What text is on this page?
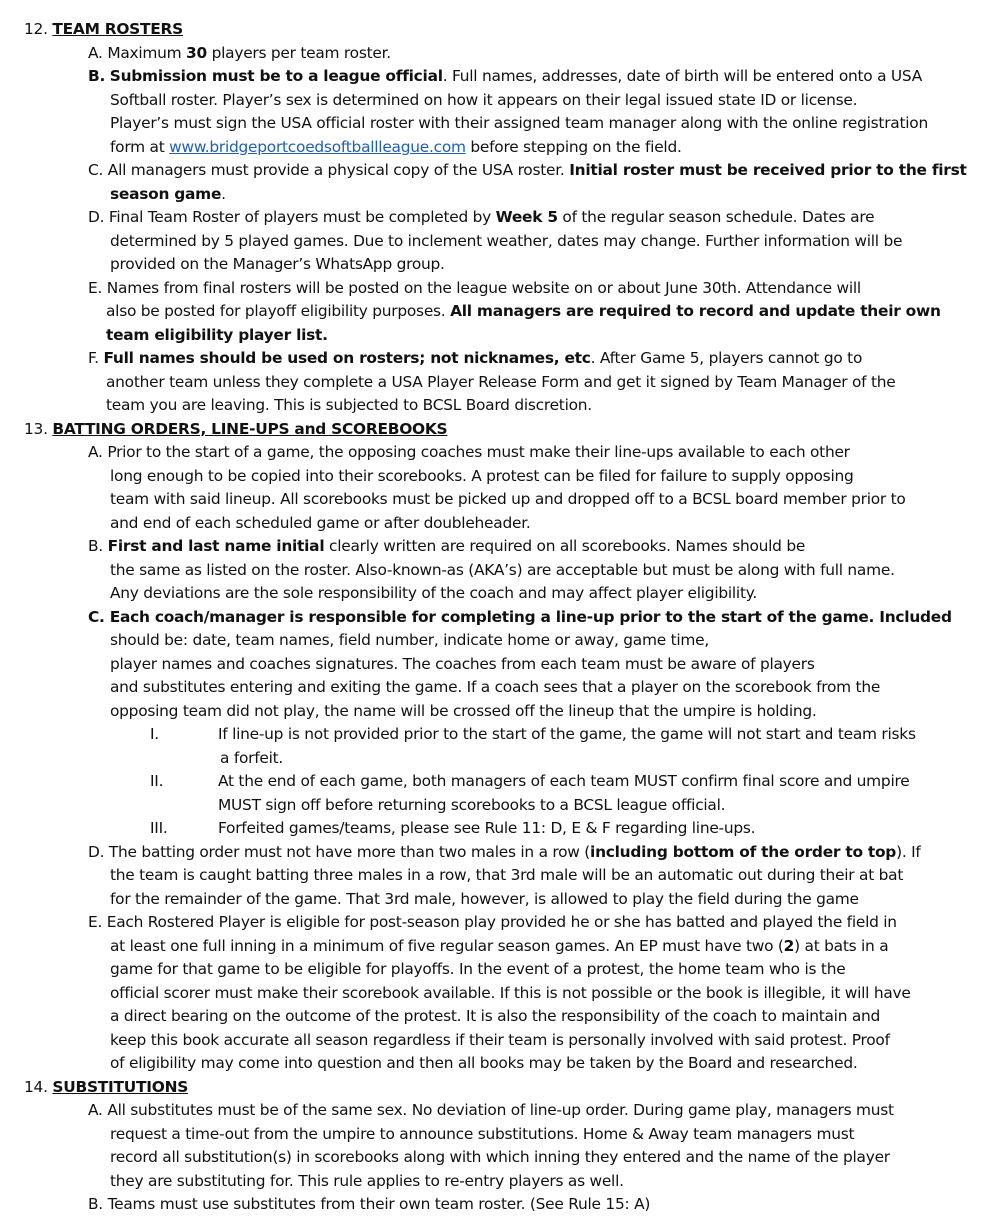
12. TEAM ROSTERS
A. Maximum 30 players per team roster.
B. Submission must be to a league official. Full names, addresses, date of birth will be entered onto a USA
Softball roster. Player’s sex is determined on how it appears on their legal issued state ID or license.
Player’s must sign the USA official roster with their assigned team manager along with the online registration
form at www.bridgeportcoedsoftballleague.com before stepping on the field.
C. All managers must provide a physical copy of the USA roster. Initial roster must be received prior to the first
season game.
D. Final Team Roster of players must be completed by Week 5 of the regular season schedule. Dates are
determined by 5 played games. Due to inclement weather, dates may change. Further information will be
provided on the Manager’s WhatsApp group.
E. Names from final rosters will be posted on the league website on or about June 30th. Attendance will
also be posted for playoff eligibility purposes. All managers are required to record and update their own
team eligibility player list.
F. Full names should be used on rosters; not nicknames, etc. After Game 5, players cannot go to
another team unless they complete a USA Player Release Form and get it signed by Team Manager of the
team you are leaving. This is subjected to BCSL Board discretion.
13. BATTING ORDERS, LINE-UPS and SCOREBOOKS
A. Prior to the start of a game, the opposing coaches must make their line-ups available to each other
long enough to be copied into their scorebooks. A protest can be filed for failure to supply opposing
team with said lineup. All scorebooks must be picked up and dropped off to a BCSL board member prior to
and end of each scheduled game or after doubleheader.
B. First and last name initial clearly written are required on all scorebooks. Names should be
the same as listed on the roster. Also-known-as (AKA’s) are acceptable but must be along with full name.
Any deviations are the sole responsibility of the coach and may affect player eligibility.
C. Each coach/manager is responsible for completing a line-up prior to the start of the game. Included
should be: date, team names, field number, indicate home or away, game time,
player names and coaches signatures. The coaches from each team must be aware of players
and substitutes entering and exiting the game. If a coach sees that a player on the scorebook from the
opposing team did not play, the name will be crossed off the lineup that the umpire is holding.
I.	If line-up is not provided prior to the start of the game, the game will not start and team risks
a forfeit.
II.	At the end of each game, both managers of each team MUST confirm final score and umpire
MUST sign off before returning scorebooks to a BCSL league official.
III.	Forfeited games/teams, please see Rule 11: D, E & F regarding line-ups.
D. The batting order must not have more than two males in a row (including bottom of the order to top). If
the team is caught batting three males in a row, that 3rd male will be an automatic out during their at bat
for the remainder of the game. That 3rd male, however, is allowed to play the field during the game
E. Each Rostered Player is eligible for post-season play provided he or she has batted and played the field in
at least one full inning in a minimum of five regular season games. An EP must have two (2) at bats in a
game for that game to be eligible for playoffs. In the event of a protest, the home team who is the
official scorer must make their scorebook available. If this is not possible or the book is illegible, it will have
a direct bearing on the outcome of the protest. It is also the responsibility of the coach to maintain and
keep this book accurate all season regardless if their team is personally involved with said protest. Proof
of eligibility may come into question and then all books may be taken by the Board and researched.
14. SUBSTITUTIONS
A. All substitutes must be of the same sex. No deviation of line-up order. During game play, managers must
request a time-out from the umpire to announce substitutions. Home & Away team managers must
record all substitution(s) in scorebooks along with which inning they entered and the name of the player
they are substituting for. This rule applies to re-entry players as well.
B. Teams must use substitutes from their own team roster. (See Rule 15: A)
